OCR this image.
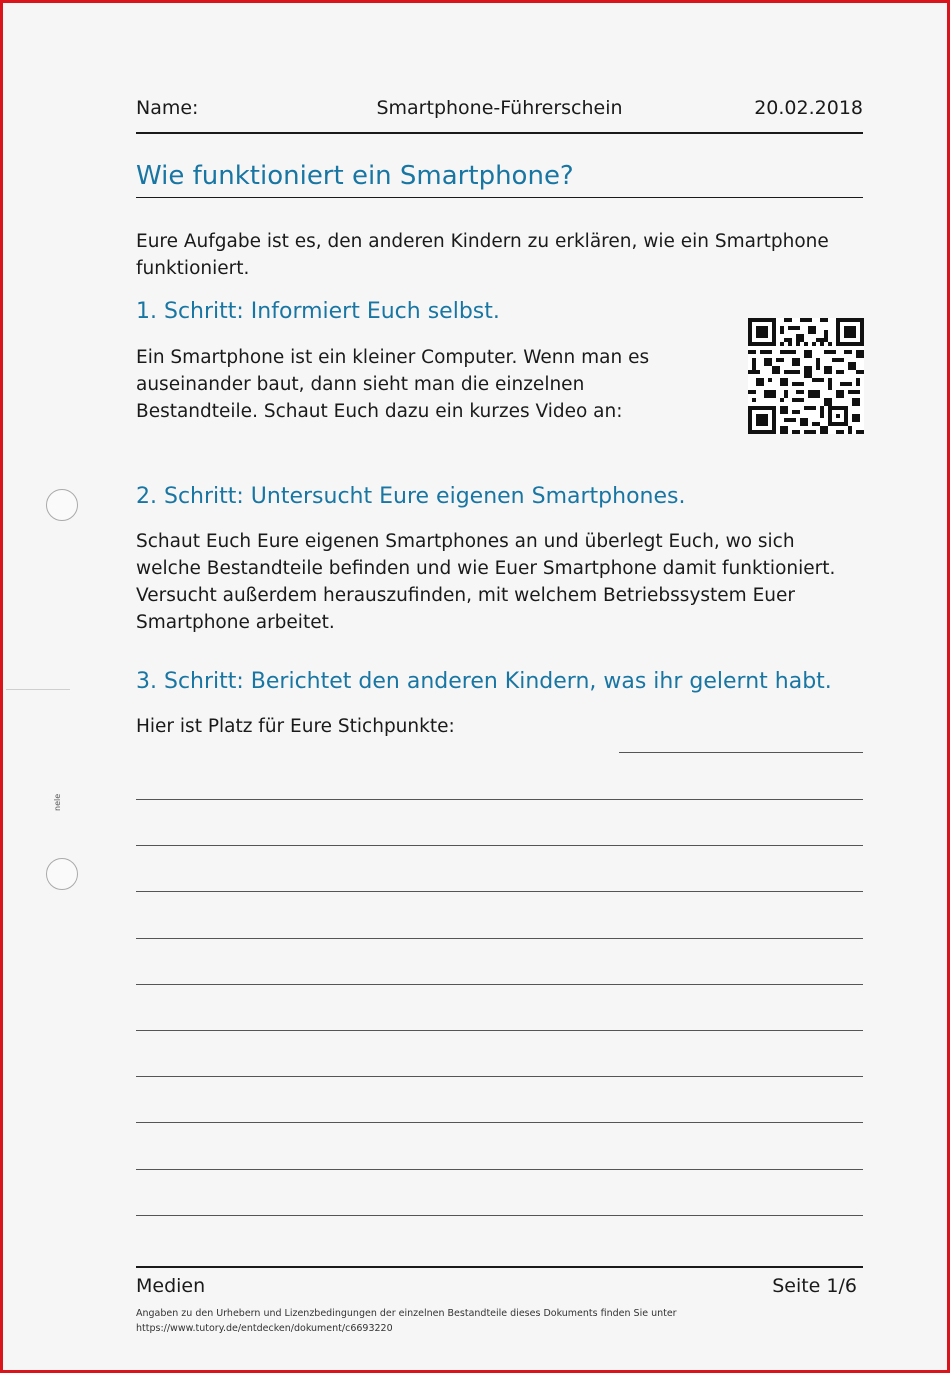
Name:	Smartphone-Führerschein	20.02.2018
Wie funktioniert ein Smartphone?
Eure Aufgabe ist es, den anderen Kindern zu erklären, wie ein Smartphone funktioniert.
1. Schritt: Informiert Euch selbst.
Ein Smartphone ist ein kleiner Computer. Wenn man es auseinander baut, dann sieht man die einzelnen Bestandteile. Schaut Euch dazu ein kurzes Video an:
2. Schritt: Untersucht Eure eigenen Smartphones.
Schaut Euch Eure eigenen Smartphones an und überlegt Euch, wo sich welche Bestandteile befinden und wie Euer Smartphone damit funktioniert. Versucht außerdem herauszufinden, mit welchem Betriebssystem Euer Smartphone arbeitet.
3. Schritt: Berichtet den anderen Kindern, was ihr gelernt habt.
Hier ist Platz für Eure Stichpunkte:
nele
Medien	Seite 1/6
Angaben zu den Urhebern und Lizenzbedingungen der einzelnen Bestandteile dieses Dokuments finden Sie unter
https://www.tutory.de/entdecken/dokument/c6693220
